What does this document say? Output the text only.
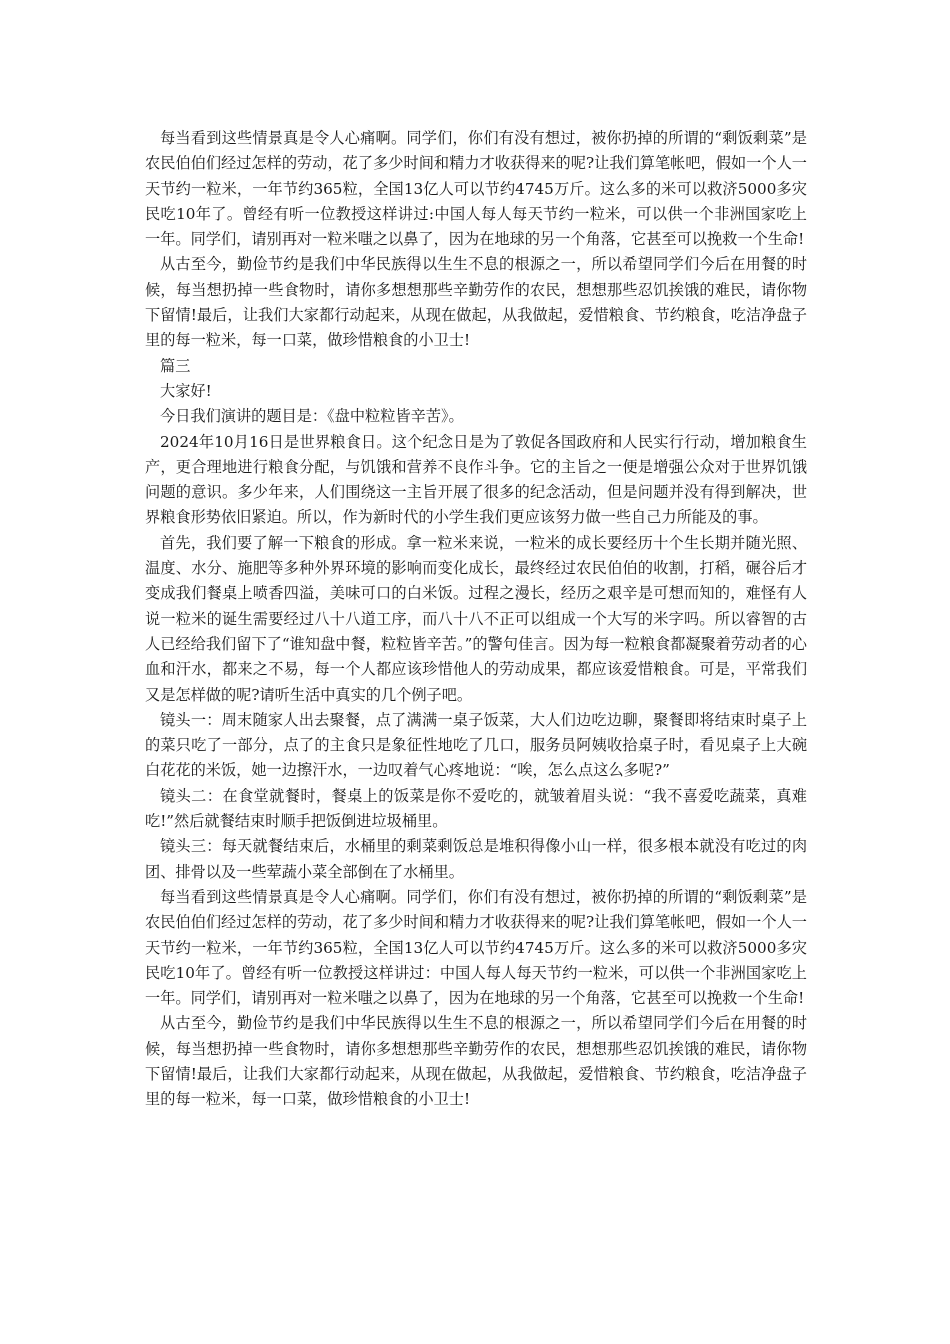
每当看到这些情景真是令人心痛啊。同学们，你们有没有想过，被你扔掉的所谓的“剩饭剩菜”是农民伯伯们经过怎样的劳动，花了多少时间和精力才收获得来的呢?让我们算笔帐吧，假如一个人一天节约一粒米，一年节约365粒，全国13亿人可以节约4745万斤。这么多的米可以救济5000多灾民吃10年了。曾经有听一位教授这样讲过:中国人每人每天节约一粒米，可以供一个非洲国家吃上一年。同学们，请别再对一粒米嗤之以鼻了，因为在地球的另一个角落，它甚至可以挽救一个生命!

从古至今，勤俭节约是我们中华民族得以生生不息的根源之一，所以希望同学们今后在用餐的时候，每当想扔掉一些食物时，请你多想想那些辛勤劳作的农民，想想那些忍饥挨饿的难民，请你物下留情!最后，让我们大家都行动起来，从现在做起，从我做起，爱惜粮食、节约粮食，吃洁净盘子里的每一粒米，每一口菜，做珍惜粮食的小卫士!

篇三

大家好!

今日我们演讲的题目是：《盘中粒粒皆辛苦》。

2024年10月16日是世界粮食日。这个纪念日是为了敦促各国政府和人民实行行动，增加粮食生产，更合理地进行粮食分配，与饥饿和营养不良作斗争。它的主旨之一便是增强公众对于世界饥饿问题的意识。多少年来，人们围绕这一主旨开展了很多的纪念活动，但是问题并没有得到解决，世界粮食形势依旧紧迫。所以，作为新时代的小学生我们更应该努力做一些自己力所能及的事。

首先，我们要了解一下粮食的形成。拿一粒米来说，一粒米的成长要经历十个生长期并随光照、温度、水分、施肥等多种外界环境的影响而变化成长，最终经过农民伯伯的收割，打稻，碾谷后才变成我们餐桌上喷香四溢，美味可口的白米饭。过程之漫长，经历之艰辛是可想而知的，难怪有人说一粒米的诞生需要经过八十八道工序，而八十八不正可以组成一个大写的米字吗。所以睿智的古人已经给我们留下了“谁知盘中餐，粒粒皆辛苦。”的警句佳言。因为每一粒粮食都凝聚着劳动者的心血和汗水，都来之不易，每一个人都应该珍惜他人的劳动成果，都应该爱惜粮食。可是，平常我们又是怎样做的呢?请听生活中真实的几个例子吧。

镜头一：周末随家人出去聚餐，点了满满一桌子饭菜，大人们边吃边聊，聚餐即将结束时桌子上的菜只吃了一部分，点了的主食只是象征性地吃了几口，服务员阿姨收拾桌子时，看见桌子上大碗白花花的米饭，她一边擦汗水，一边叹着气心疼地说：“唉，怎么点这么多呢?”

镜头二：在食堂就餐时，餐桌上的饭菜是你不爱吃的，就皱着眉头说：“我不喜爱吃蔬菜，真难吃!”然后就餐结束时顺手把饭倒进垃圾桶里。

镜头三：每天就餐结束后，水桶里的剩菜剩饭总是堆积得像小山一样，很多根本就没有吃过的肉团、排骨以及一些荤蔬小菜全部倒在了水桶里。

每当看到这些情景真是令人心痛啊。同学们，你们有没有想过，被你扔掉的所谓的“剩饭剩菜”是农民伯伯们经过怎样的劳动，花了多少时间和精力才收获得来的呢?让我们算笔帐吧，假如一个人一天节约一粒米，一年节约365粒，全国13亿人可以节约4745万斤。这么多的米可以救济5000多灾民吃10年了。曾经有听一位教授这样讲过：中国人每人每天节约一粒米，可以供一个非洲国家吃上一年。同学们，请别再对一粒米嗤之以鼻了，因为在地球的另一个角落，它甚至可以挽救一个生命!

从古至今，勤俭节约是我们中华民族得以生生不息的根源之一，所以希望同学们今后在用餐的时候，每当想扔掉一些食物时，请你多想想那些辛勤劳作的农民，想想那些忍饥挨饿的难民，请你物下留情!最后，让我们大家都行动起来，从现在做起，从我做起，爱惜粮食、节约粮食，吃洁净盘子里的每一粒米，每一口菜，做珍惜粮食的小卫士!
